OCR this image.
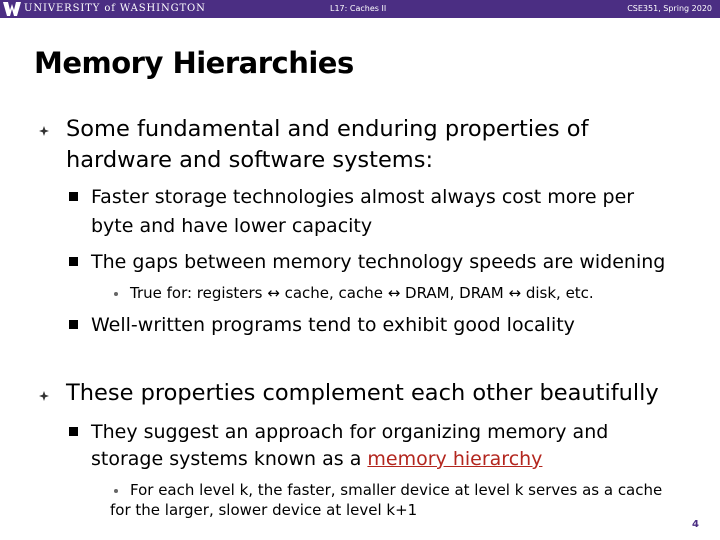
UNIVERSITY of WASHINGTON	L17: Caches II	CSE351, Spring 2020
Memory Hierarchies
Some fundamental and enduring properties of
hardware and software systems:
Faster storage technologies almost always cost more per
byte and have lower capacity
The gaps between memory technology speeds are widening
True for: registers ↔ cache, cache ↔ DRAM, DRAM ↔ disk, etc.
Well-written programs tend to exhibit good locality
These properties complement each other beautifully
They suggest an approach for organizing memory and
storage systems known as a memory hierarchy
For each level k, the faster, smaller device at level k serves as a cache
for the larger, slower device at level k+1
4
